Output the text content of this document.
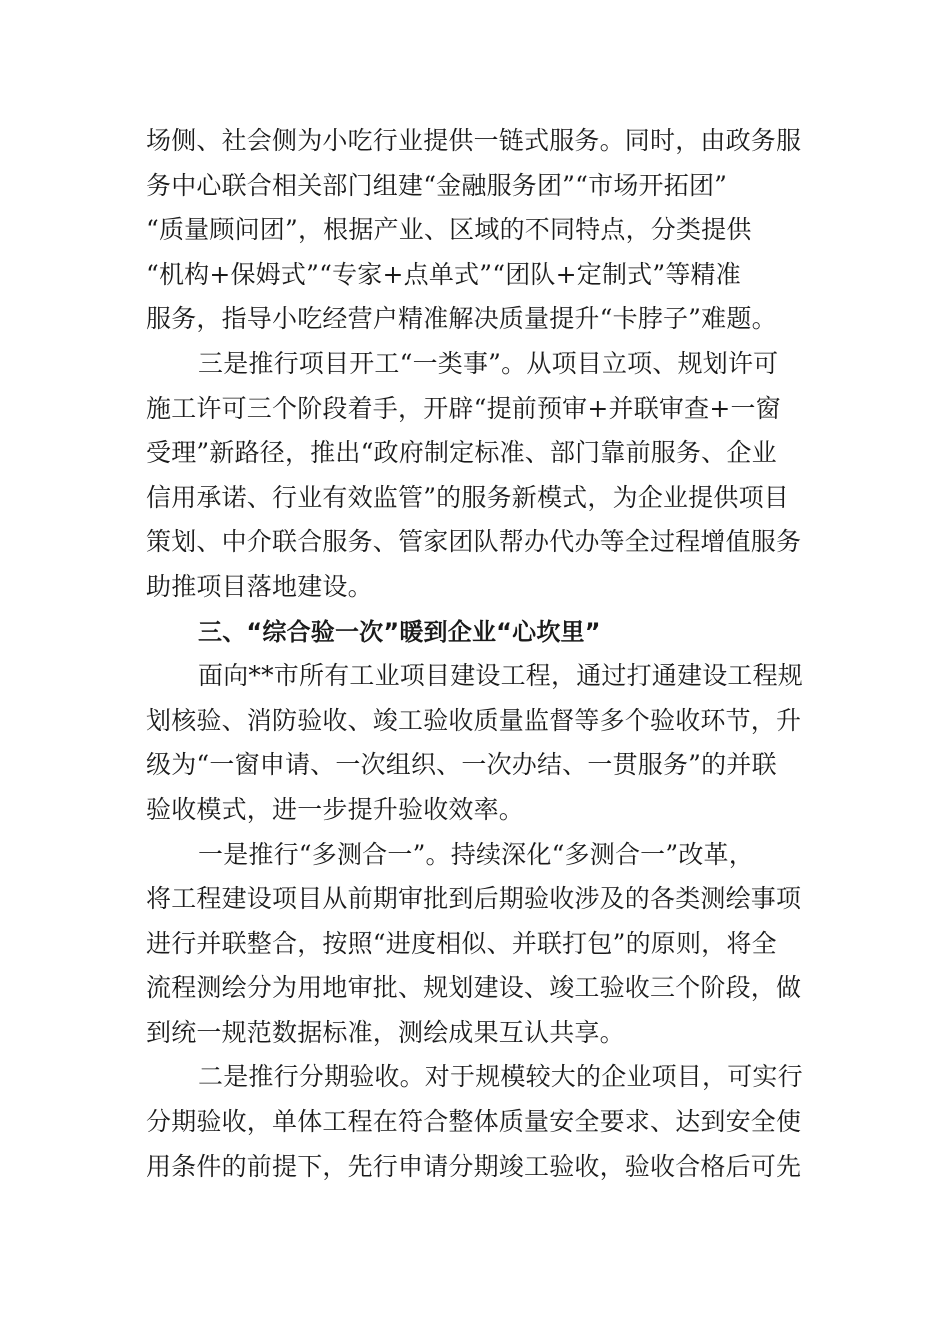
场侧、社会侧为小吃行业提供一链式服务。同时，由政务服
务中心联合相关部门组建“金融服务团”“市场开拓团”
“质量顾问团”，根据产业、区域的不同特点，分类提供
“机构+保姆式”“专家+点单式”“团队+定制式”等精准
服务，指导小吃经营户精准解决质量提升“卡脖子”难题。
三是推行项目开工“一类事”。从项目立项、规划许可
施工许可三个阶段着手，开辟“提前预审+并联审查+一窗
受理”新路径，推出“政府制定标准、部门靠前服务、企业
信用承诺、行业有效监管”的服务新模式，为企业提供项目
策划、中介联合服务、管家团队帮办代办等全过程增值服务
助推项目落地建设。
三、“综合验一次”暖到企业“心坎里”
面向**市所有工业项目建设工程，通过打通建设工程规
划核验、消防验收、竣工验收质量监督等多个验收环节，升
级为“一窗申请、一次组织、一次办结、一贯服务”的并联
验收模式，进一步提升验收效率。
一是推行“多测合一”。持续深化“多测合一”改革，
将工程建设项目从前期审批到后期验收涉及的各类测绘事项
进行并联整合，按照“进度相似、并联打包”的原则，将全
流程测绘分为用地审批、规划建设、竣工验收三个阶段，做
到统一规范数据标准，测绘成果互认共享。
二是推行分期验收。对于规模较大的企业项目，可实行
分期验收，单体工程在符合整体质量安全要求、达到安全使
用条件的前提下，先行申请分期竣工验收，验收合格后可先
